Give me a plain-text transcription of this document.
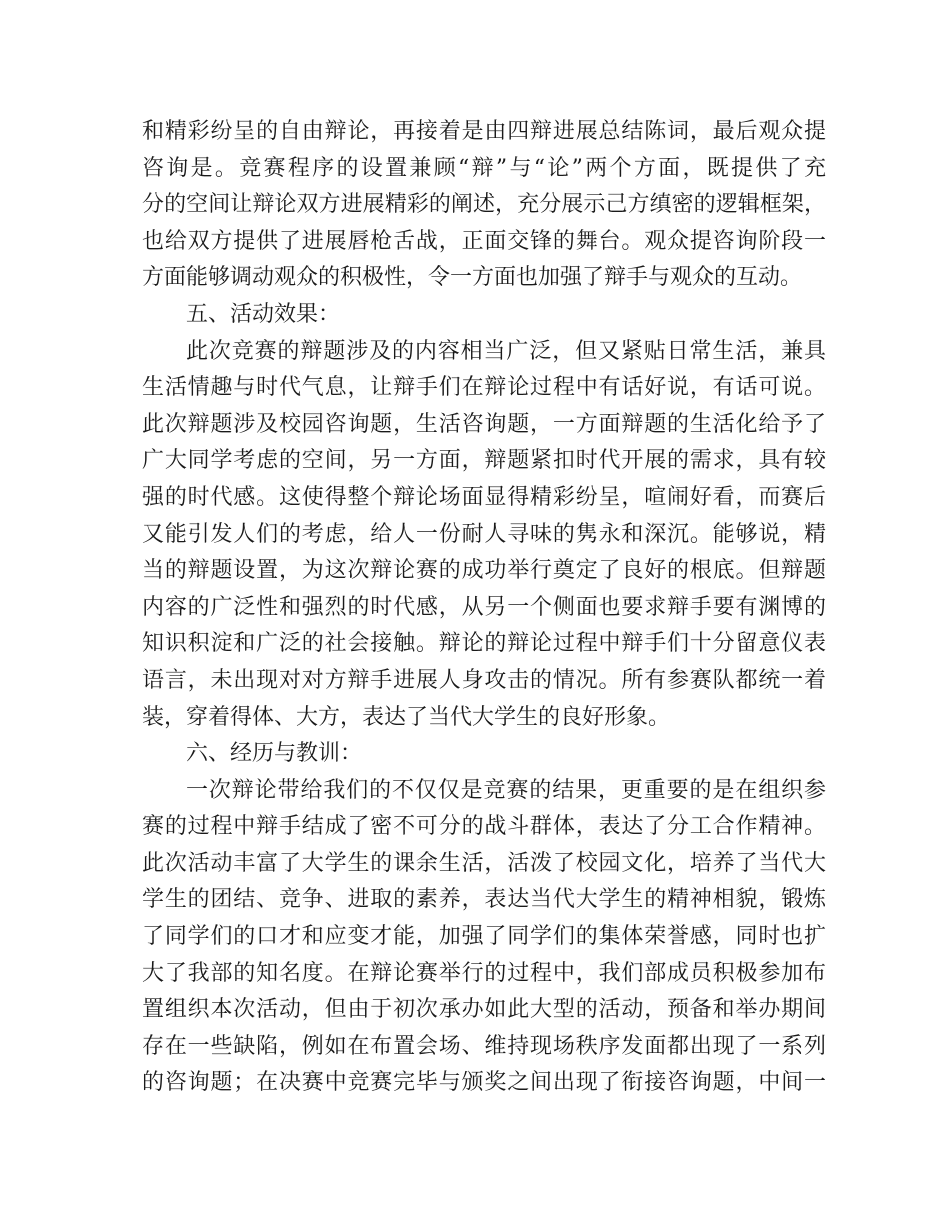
和精彩纷呈的自由辩论，再接着是由四辩进展总结陈词，最后观众提
咨询是。竞赛程序的设置兼顾“辩”与“论”两个方面，既提供了充
分的空间让辩论双方进展精彩的阐述，充分展示己方缜密的逻辑框架，
也给双方提供了进展唇枪舌战，正面交锋的舞台。观众提咨询阶段一
方面能够调动观众的积极性，令一方面也加强了辩手与观众的互动。
五、活动效果：
此次竞赛的辩题涉及的内容相当广泛，但又紧贴日常生活，兼具
生活情趣与时代气息，让辩手们在辩论过程中有话好说，有话可说。
此次辩题涉及校园咨询题，生活咨询题，一方面辩题的生活化给予了
广大同学考虑的空间，另一方面，辩题紧扣时代开展的需求，具有较
强的时代感。这使得整个辩论场面显得精彩纷呈，喧闹好看，而赛后
又能引发人们的考虑，给人一份耐人寻味的隽永和深沉。能够说，精
当的辩题设置，为这次辩论赛的成功举行奠定了良好的根底。但辩题
内容的广泛性和强烈的时代感，从另一个侧面也要求辩手要有渊博的
知识积淀和广泛的社会接触。辩论的辩论过程中辩手们十分留意仪表
语言，未出现对对方辩手进展人身攻击的情况。所有参赛队都统一着
装，穿着得体、大方，表达了当代大学生的良好形象。
六、经历与教训：
一次辩论带给我们的不仅仅是竞赛的结果，更重要的是在组织参
赛的过程中辩手结成了密不可分的战斗群体，表达了分工合作精神。
此次活动丰富了大学生的课余生活，活泼了校园文化，培养了当代大
学生的团结、竞争、进取的素养，表达当代大学生的精神相貌，锻炼
了同学们的口才和应变才能，加强了同学们的集体荣誉感，同时也扩
大了我部的知名度。在辩论赛举行的过程中，我们部成员积极参加布
置组织本次活动，但由于初次承办如此大型的活动，预备和举办期间
存在一些缺陷，例如在布置会场、维持现场秩序发面都出现了一系列
的咨询题；在决赛中竞赛完毕与颁奖之间出现了衔接咨询题，中间一
